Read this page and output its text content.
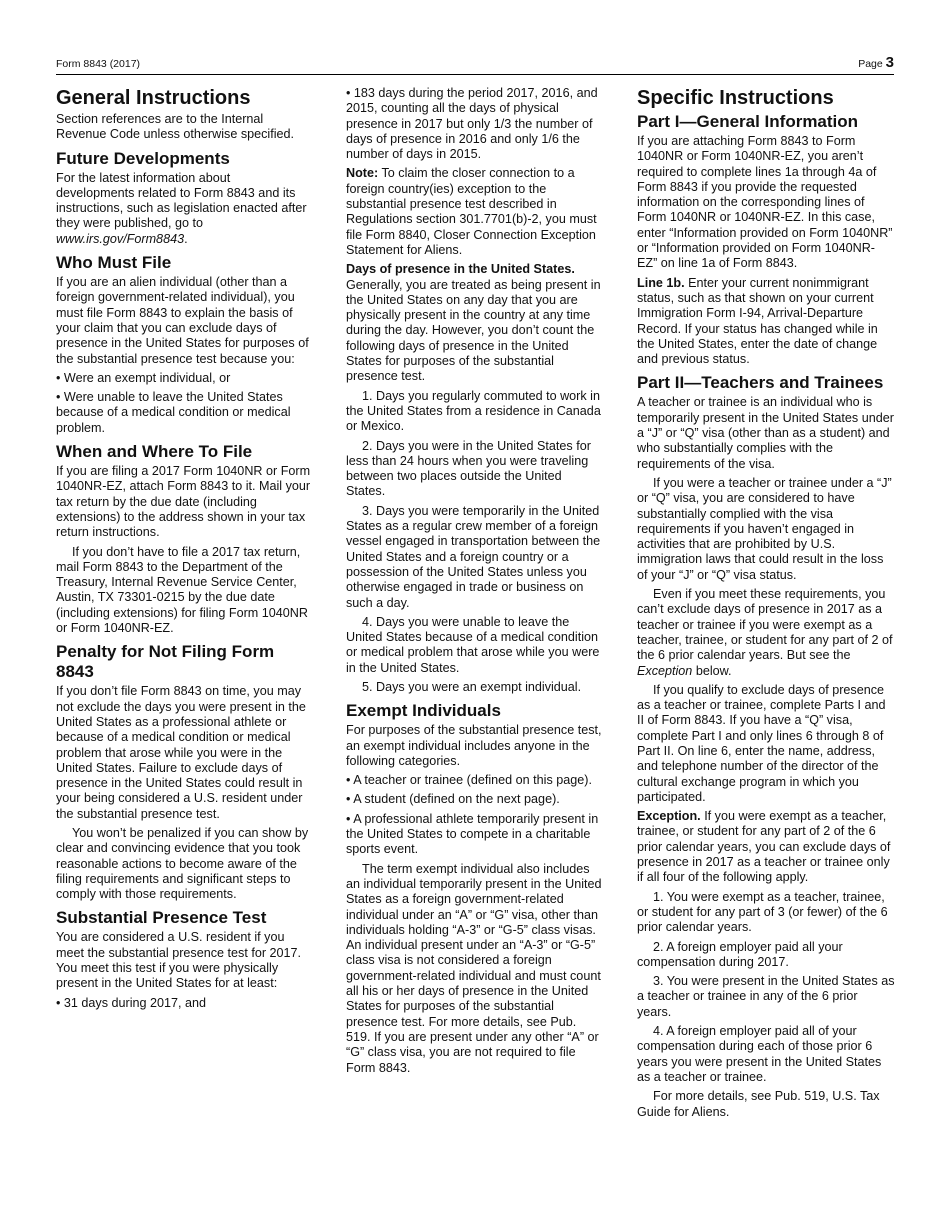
Form 8843 (2017)	Page 3
General Instructions

Section references are to the Internal Revenue Code unless otherwise specified.

Future Developments

For the latest information about developments related to Form 8843 and its instructions, such as legislation enacted after they were published, go to www.irs.gov/Form8843.

Who Must File

If you are an alien individual (other than a foreign government-related individual), you must file Form 8843 to explain the basis of your claim that you can exclude days of presence in the United States for purposes of the substantial presence test because you:

• Were an exempt individual, or

• Were unable to leave the United States because of a medical condition or medical problem.

When and Where To File

If you are filing a 2017 Form 1040NR or Form 1040NR-EZ, attach Form 8843 to it. Mail your tax return by the due date (including extensions) to the address shown in your tax return instructions.

If you don’t have to file a 2017 tax return, mail Form 8843 to the Department of the Treasury, Internal Revenue Service Center, Austin, TX 73301-0215 by the due date (including extensions) for filing Form 1040NR or Form 1040NR-EZ.

Penalty for Not Filing Form 8843

If you don’t file Form 8843 on time, you may not exclude the days you were present in the United States as a professional athlete or because of a medical condition or medical problem that arose while you were in the United States. Failure to exclude days of presence in the United States could result in your being considered a U.S. resident under the substantial presence test.

You won’t be penalized if you can show by clear and convincing evidence that you took reasonable actions to become aware of the filing requirements and significant steps to comply with those requirements.

Substantial Presence Test

You are considered a U.S. resident if you meet the substantial presence test for 2017. You meet this test if you were physically present in the United States for at least:

• 31 days during 2017, and

• 183 days during the period 2017, 2016, and 2015, counting all the days of physical presence in 2017 but only 1/3 the number of days of presence in 2016 and only 1/6 the number of days in 2015.

Note: To claim the closer connection to a foreign country(ies) exception to the substantial presence test described in Regulations section 301.7701(b)-2, you must file Form 8840, Closer Connection Exception Statement for Aliens.

Days of presence in the United States. Generally, you are treated as being present in the United States on any day that you are physically present in the country at any time during the day. However, you don’t count the following days of presence in the United States for purposes of the substantial presence test.

1. Days you regularly commuted to work in the United States from a residence in Canada or Mexico.

2. Days you were in the United States for less than 24 hours when you were traveling between two places outside the United States.

3. Days you were temporarily in the United States as a regular crew member of a foreign vessel engaged in transportation between the United States and a foreign country or a possession of the United States unless you otherwise engaged in trade or business on such a day.

4. Days you were unable to leave the United States because of a medical condition or medical problem that arose while you were in the United States.

5. Days you were an exempt individual.

Exempt Individuals

For purposes of the substantial presence test, an exempt individual includes anyone in the following categories.

• A teacher or trainee (defined on this page).

• A student (defined on the next page).

• A professional athlete temporarily present in the United States to compete in a charitable sports event.

The term exempt individual also includes an individual temporarily present in the United States as a foreign government-related individual under an “A” or “G” visa, other than individuals holding “A-3” or “G-5” class visas. An individual present under an “A-3” or “G-5” class visa is not considered a foreign government-related individual and must count all his or her days of presence in the United States for purposes of the substantial presence test. For more details, see Pub. 519. If you are present under any other “A” or “G” class visa, you are not required to file Form 8843.

Specific Instructions
Part I—General Information

If you are attaching Form 8843 to Form 1040NR or Form 1040NR-EZ, you aren’t required to complete lines 1a through 4a of Form 8843 if you provide the requested information on the corresponding lines of Form 1040NR or 1040NR-EZ. In this case, enter “Information provided on Form 1040NR” or “Information provided on Form 1040NR-EZ” on line 1a of Form 8843.

Line 1b. Enter your current nonimmigrant status, such as that shown on your current Immigration Form I-94, Arrival-Departure Record. If your status has changed while in the United States, enter the date of change and previous status.

Part II—Teachers and Trainees

A teacher or trainee is an individual who is temporarily present in the United States under a “J” or “Q” visa (other than as a student) and who substantially complies with the requirements of the visa.

If you were a teacher or trainee under a “J” or “Q” visa, you are considered to have substantially complied with the visa requirements if you haven’t engaged in activities that are prohibited by U.S. immigration laws that could result in the loss of your “J” or “Q” visa status.

Even if you meet these requirements, you can’t exclude days of presence in 2017 as a teacher or trainee if you were exempt as a teacher, trainee, or student for any part of 2 of the 6 prior calendar years. But see the Exception below.

If you qualify to exclude days of presence as a teacher or trainee, complete Parts I and II of Form 8843. If you have a “Q” visa, complete Part I and only lines 6 through 8 of Part II. On line 6, enter the name, address, and telephone number of the director of the cultural exchange program in which you participated.

Exception. If you were exempt as a teacher, trainee, or student for any part of 2 of the 6 prior calendar years, you can exclude days of presence in 2017 as a teacher or trainee only if all four of the following apply.

1. You were exempt as a teacher, trainee, or student for any part of 3 (or fewer) of the 6 prior calendar years.

2. A foreign employer paid all your compensation during 2017.

3. You were present in the United States as a teacher or trainee in any of the 6 prior years.

4. A foreign employer paid all of your compensation during each of those prior 6 years you were present in the United States as a teacher or trainee.

For more details, see Pub. 519, U.S. Tax Guide for Aliens.
